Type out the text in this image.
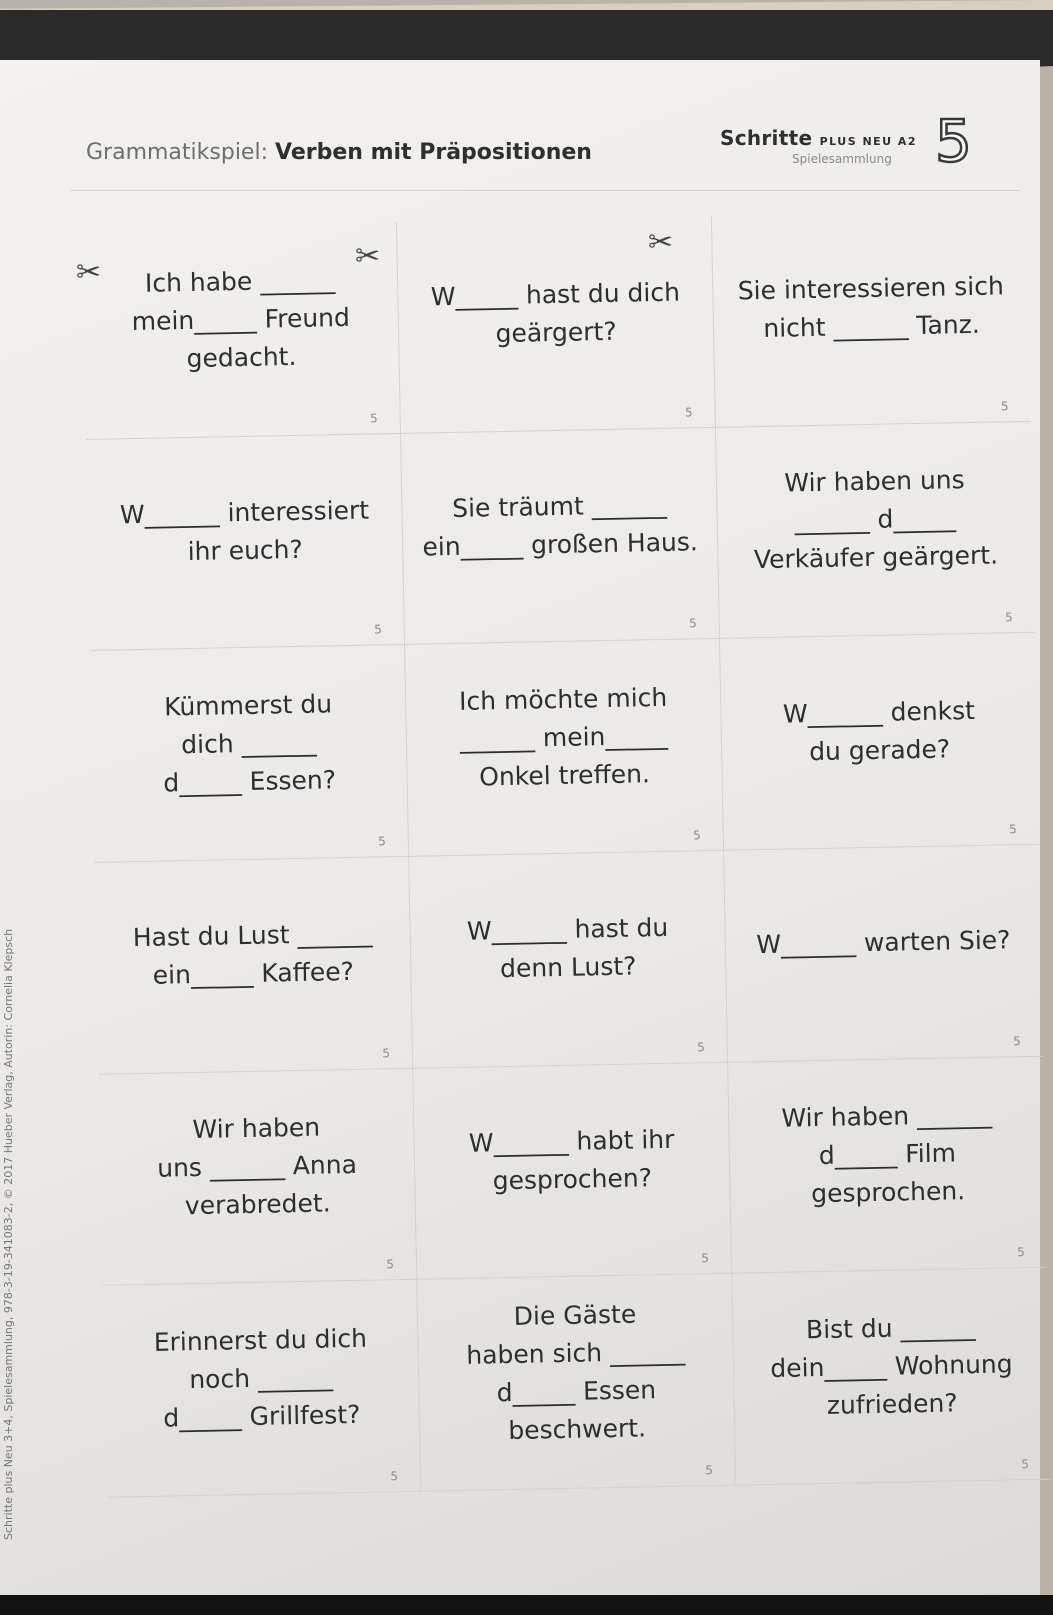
Grammatikspiel: Verben mit Präpositionen
Schritte PLUS NEU A2
Spielesammlung 5
✂	✂	✂
Ich habe ______
mein_____ Freund
gedacht.
5
W_____ hast du dich
geärgert?
5
Sie interessieren sich
nicht ______ Tanz.
5
W______ interessiert
ihr euch?
5
Sie träumt ______
ein_____ großen Haus.
5
Wir haben uns
______ d_____
Verkäufer geärgert.
5
Kümmerst du
dich ______
d_____ Essen?
5
Ich möchte mich
______ mein_____
Onkel treffen.
5
W______ denkst
du gerade?
5
Hast du Lust ______
ein_____ Kaffee?
5
W______ hast du
denn Lust?
5
W______ warten Sie?
5
Wir haben
uns ______ Anna
verabredet.
5
W______ habt ihr
gesprochen?
5
Wir haben ______
d_____ Film
gesprochen.
5
Erinnerst du dich
noch ______
d_____ Grillfest?
5
Die Gäste
haben sich ______
d_____ Essen
beschwert.
5
Bist du ______
dein_____ Wohnung
zufrieden?
5
Schritte plus Neu 3+4, Spielesammlung, 978-3-19-341083-2, © 2017 Hueber Verlag, Autorin: Cornelia Klepsch
